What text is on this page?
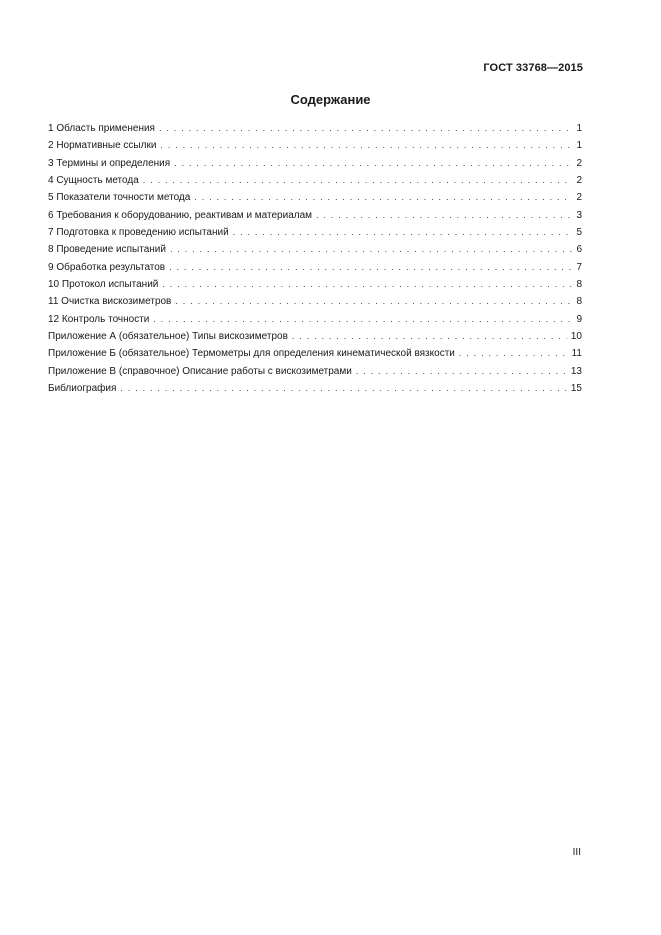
ГОСТ 33768—2015
Содержание
1 Область применения . . .	1
2 Нормативные ссылки . . .	1
3 Термины и определения . . .	2
4 Сущность метода . . .	2
5 Показатели точности метода . . .	2
6 Требования к оборудованию, реактивам и материалам . . .	3
7 Подготовка к проведению испытаний . . .	5
8 Проведение испытаний . . .	6
9 Обработка результатов . . .	7
10 Протокол испытаний . . .	8
11 Очистка вискозиметров . . .	8
12 Контроль точности . . .	9
Приложение А (обязательное) Типы вискозиметров . . .	10
Приложение Б (обязательное) Термометры для определения кинематической вязкости . . .	11
Приложение В (справочное) Описание работы с вискозиметрами . . .	13
Библиография . . .	15
III
